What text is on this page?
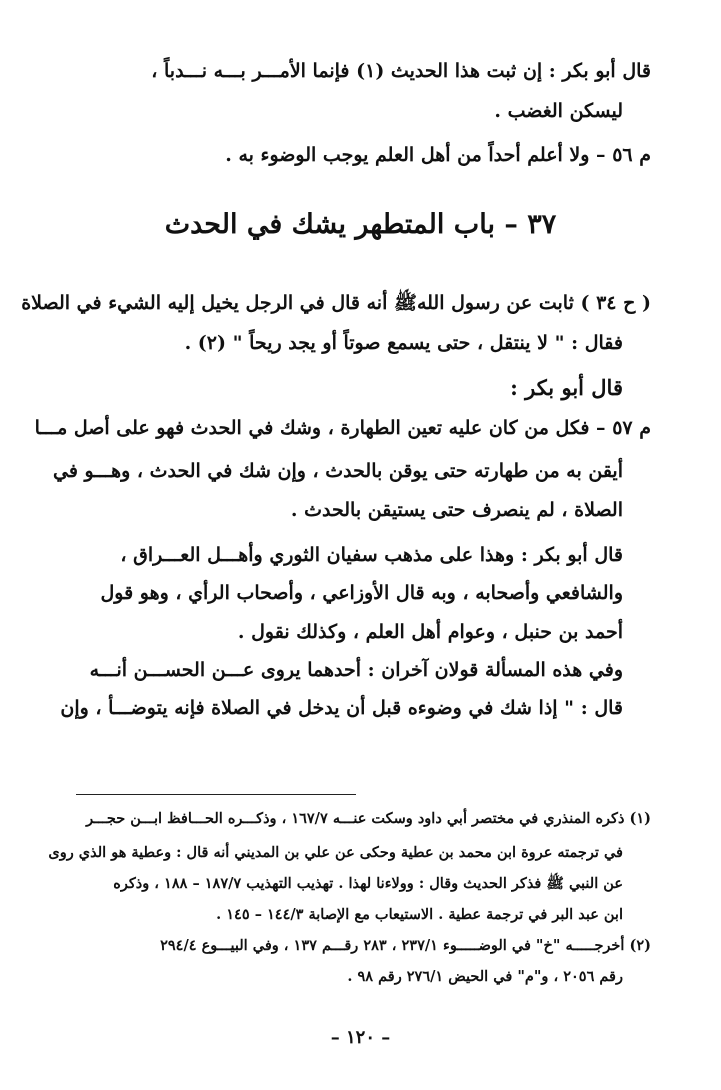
قال أبو بكر : إن ثبت هذا الحديث (١) فإنما الأمـــر بـــه نـــدباً ،
ليسكن الغضب .
م ٥٦ – ولا أعلم أحداً من أهل العلم يوجب الوضوء به .
٣٧ – باب المتطهر يشك في الحدث
( ح ٣٤ ) ثابت عن رسول اللهﷺ أنه قال في الرجل يخيل إليه الشيء في الصلاة
فقال : " لا ينتقل ، حتى يسمع صوتاً أو يجد ريحاً " (٢) .
قال أبو بكر :
م ٥٧ – فكل من كان عليه تعين الطهارة ، وشك في الحدث فهو على أصل مـــا
أيقن به من طهارته حتى يوقن بالحدث ، وإن شك في الحدث ، وهـــو في
الصلاة ، لم ينصرف حتى يستيقن بالحدث .
قال أبو بكر : وهذا على مذهب سفيان الثوري وأهـــل العـــراق ،
والشافعي وأصحابه ، وبه قال الأوزاعي ، وأصحاب الرأي ، وهو قول
أحمد بن حنبل ، وعوام أهل العلم ، وكذلك نقول .
وفي هذه المسألة قولان آخران : أحدهما يروى عـــن الحســـن أنـــه
قال : " إذا شك في وضوءه قبل أن يدخل في الصلاة فإنه يتوضـــأ ، وإن
(١) ذكره المنذري في مختصر أبي داود وسكت عنـــه ١٦٧/٧ ، وذكـــره الحـــافظ ابـــن حجـــر
في ترجمته عروة ابن محمد بن عطية وحكى عن علي بن المديني أنه قال : وعطية هو الذي روى
عن النبي ﷺ فذكر الحديث وقال : وولاءنا لهذا . تهذيب التهذيب ١٨٧/٧ – ١٨٨ ، وذكره
ابن عبد البر في ترجمة عطية . الاستيعاب مع الإصابة ١٤٤/٣ – ١٤٥ .
(٢) أخرجـــــه "خ" في الوضـــــوء ٢٣٧/١ ، ٢٨٣ رقـــم ١٣٧ ، وفي البيـــوع ٢٩٤/٤
رقم ٢٠٥٦ ، و"م" في الحيض ٢٧٦/١ رقم ٩٨ .
– ١٢٠ –
